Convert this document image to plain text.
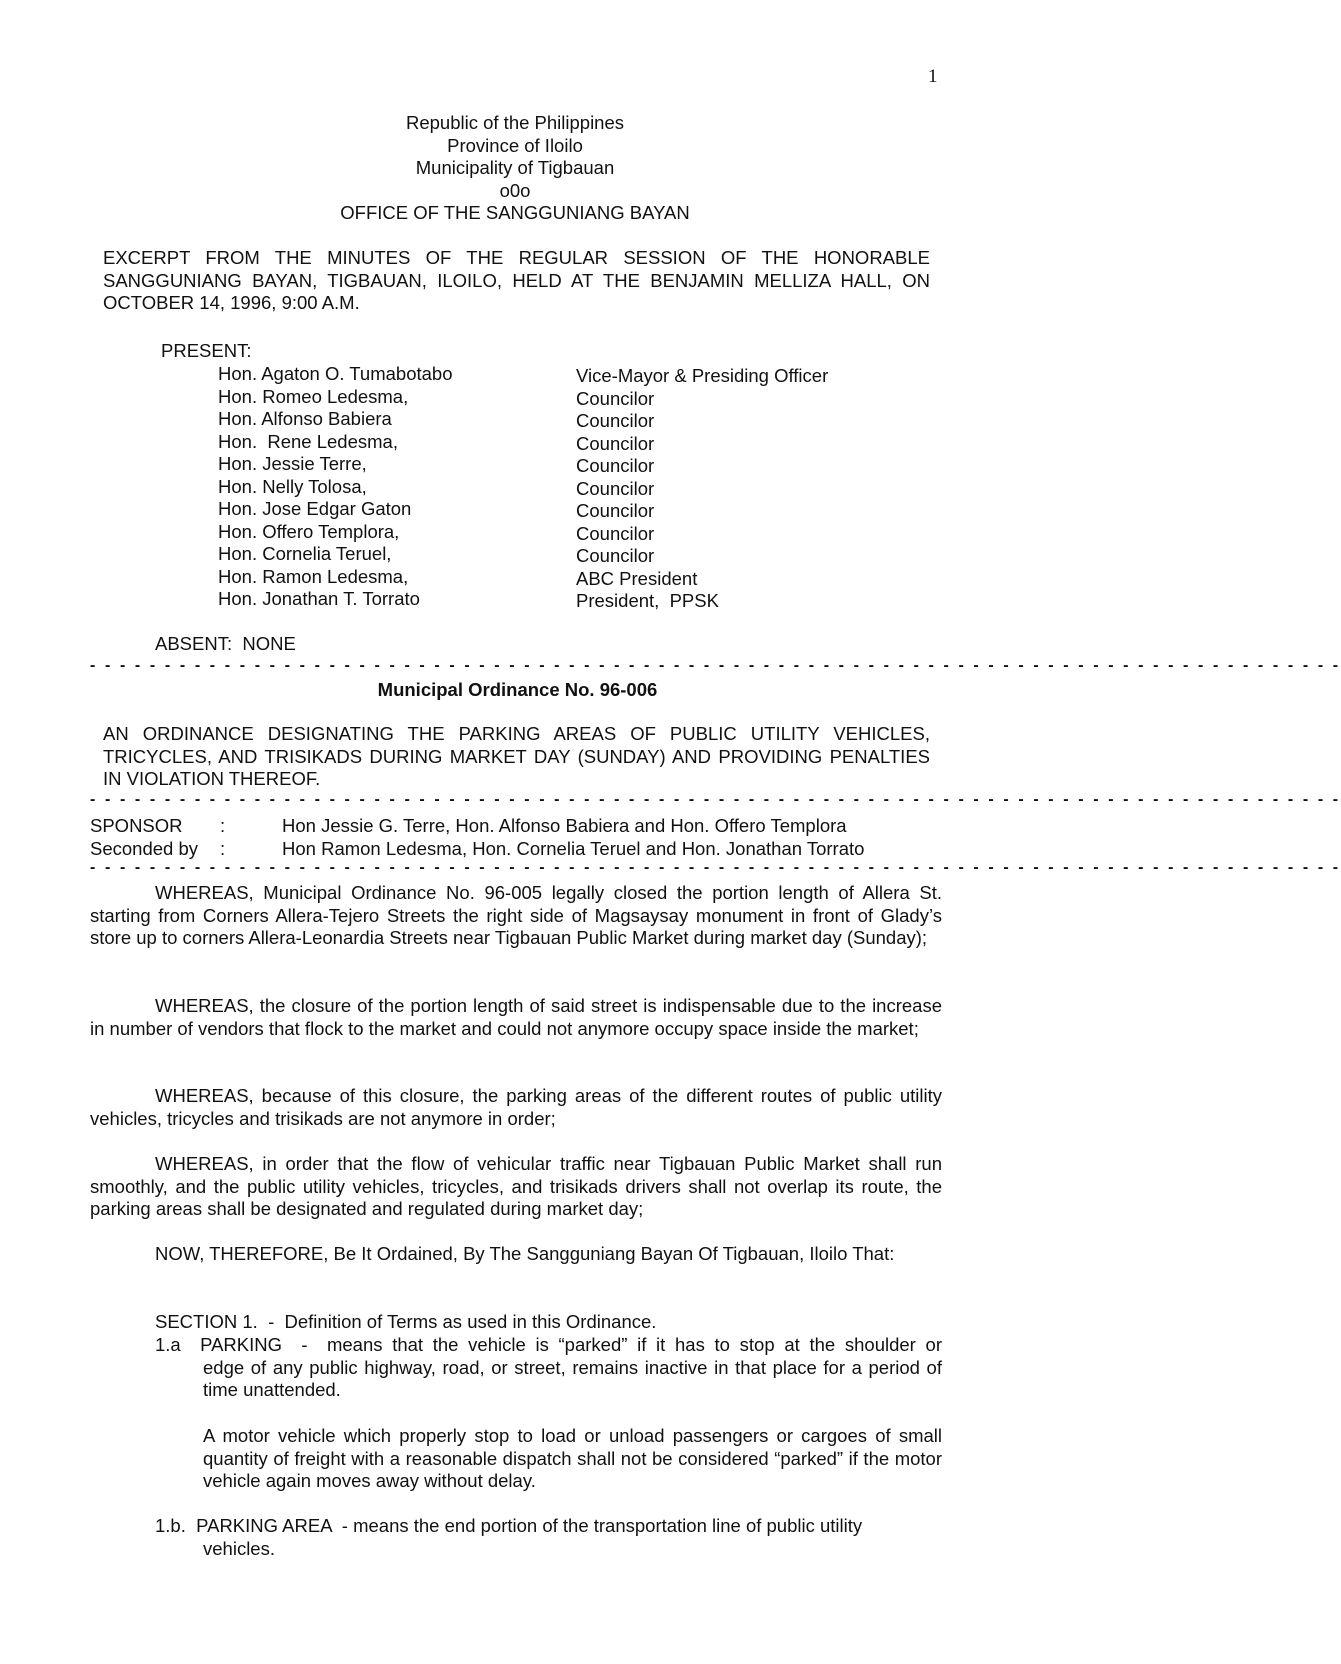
1
Republic of the Philippines
Province of Iloilo
Municipality of Tigbauan
o0o
OFFICE OF THE SANGGUNIANG BAYAN
EXCERPT FROM THE MINUTES OF THE REGULAR SESSION OF THE HONORABLE SANGGUNIANG BAYAN, TIGBAUAN, ILOILO, HELD AT THE BENJAMIN MELLIZA HALL, ON OCTOBER 14, 1996, 9:00 A.M.
PRESENT:
Hon. Agaton O. Tumabotabo
Hon. Romeo Ledesma,
Hon. Alfonso Babiera
Hon.  Rene Ledesma,
Hon. Jessie Terre,
Hon. Nelly Tolosa,
Hon. Jose Edgar Gaton
Hon. Offero Templora,
Hon. Cornelia Teruel,
Hon. Ramon Ledesma,
Hon. Jonathan T. Torrato
Vice-Mayor & Presiding Officer
Councilor
Councilor
Councilor
Councilor
Councilor
Councilor
Councilor
Councilor
ABC President
President,  PPSK
ABSENT:  NONE
- - - - - - - - - - - - - - - - - - - - - - - - - - - - - - - - - - - - - - - - - - - - - - - - - - - - - - - - - - - - - - - - - - - - - - - - - - - - - - - - - - - -
Municipal Ordinance No. 96-006
AN ORDINANCE DESIGNATING THE PARKING AREAS OF PUBLIC UTILITY VEHICLES, TRICYCLES, AND TRISIKADS DURING MARKET DAY (SUNDAY) AND PROVIDING PENALTIES IN VIOLATION THEREOF.
- - - - - - - - - - - - - - - - - - - - - - - - - - - - - - - - - - - - - - - - - - - - - - - - - - - - - - - - - - - - - - - - - - - - - - - - - - - - - - - - - - - -
SPONSOR :	Hon Jessie G. Terre, Hon. Alfonso Babiera and Hon. Offero Templora
Seconded by :	Hon Ramon Ledesma, Hon. Cornelia Teruel and Hon. Jonathan Torrato
- - - - - - - - - - - - - - - - - - - - - - - - - - - - - - - - - - - - - - - - - - - - - - - - - - - - - - - - - - - - - - - - - - - - - - - - - - - - - - - - - - - -
WHEREAS, Municipal Ordinance No. 96-005 legally closed the portion length of Allera St. starting from Corners Allera-Tejero Streets the right side of Magsaysay monument in front of Glady’s store up to corners Allera-Leonardia Streets near Tigbauan Public Market during market day (Sunday);
WHEREAS, the closure of the portion length of said street is indispensable due to the increase in number of vendors that flock to the market and could not anymore occupy space inside the market;
WHEREAS, because of this closure, the parking areas of the different routes of public utility vehicles, tricycles and trisikads are not anymore in order;
WHEREAS, in order that the flow of vehicular traffic near Tigbauan Public Market shall run smoothly, and the public utility vehicles, tricycles, and trisikads drivers shall not overlap its route, the parking areas shall be designated and regulated during market day;
NOW, THEREFORE, Be It Ordained, By The Sangguniang Bayan Of Tigbauan, Iloilo That:
SECTION 1.  -  Definition of Terms as used in this Ordinance.
1.a  PARKING  -  means that the vehicle is “parked” if it has to stop at the shoulder or
edge of any public highway, road, or street, remains inactive in that place for a period of time unattended.
A motor vehicle which properly stop to load or unload passengers or cargoes of small quantity of freight with a reasonable dispatch shall not be considered “parked” if the motor vehicle again moves away without delay.
1.b.  PARKING AREA  - means the end portion of the transportation line of public utility
vehicles.
